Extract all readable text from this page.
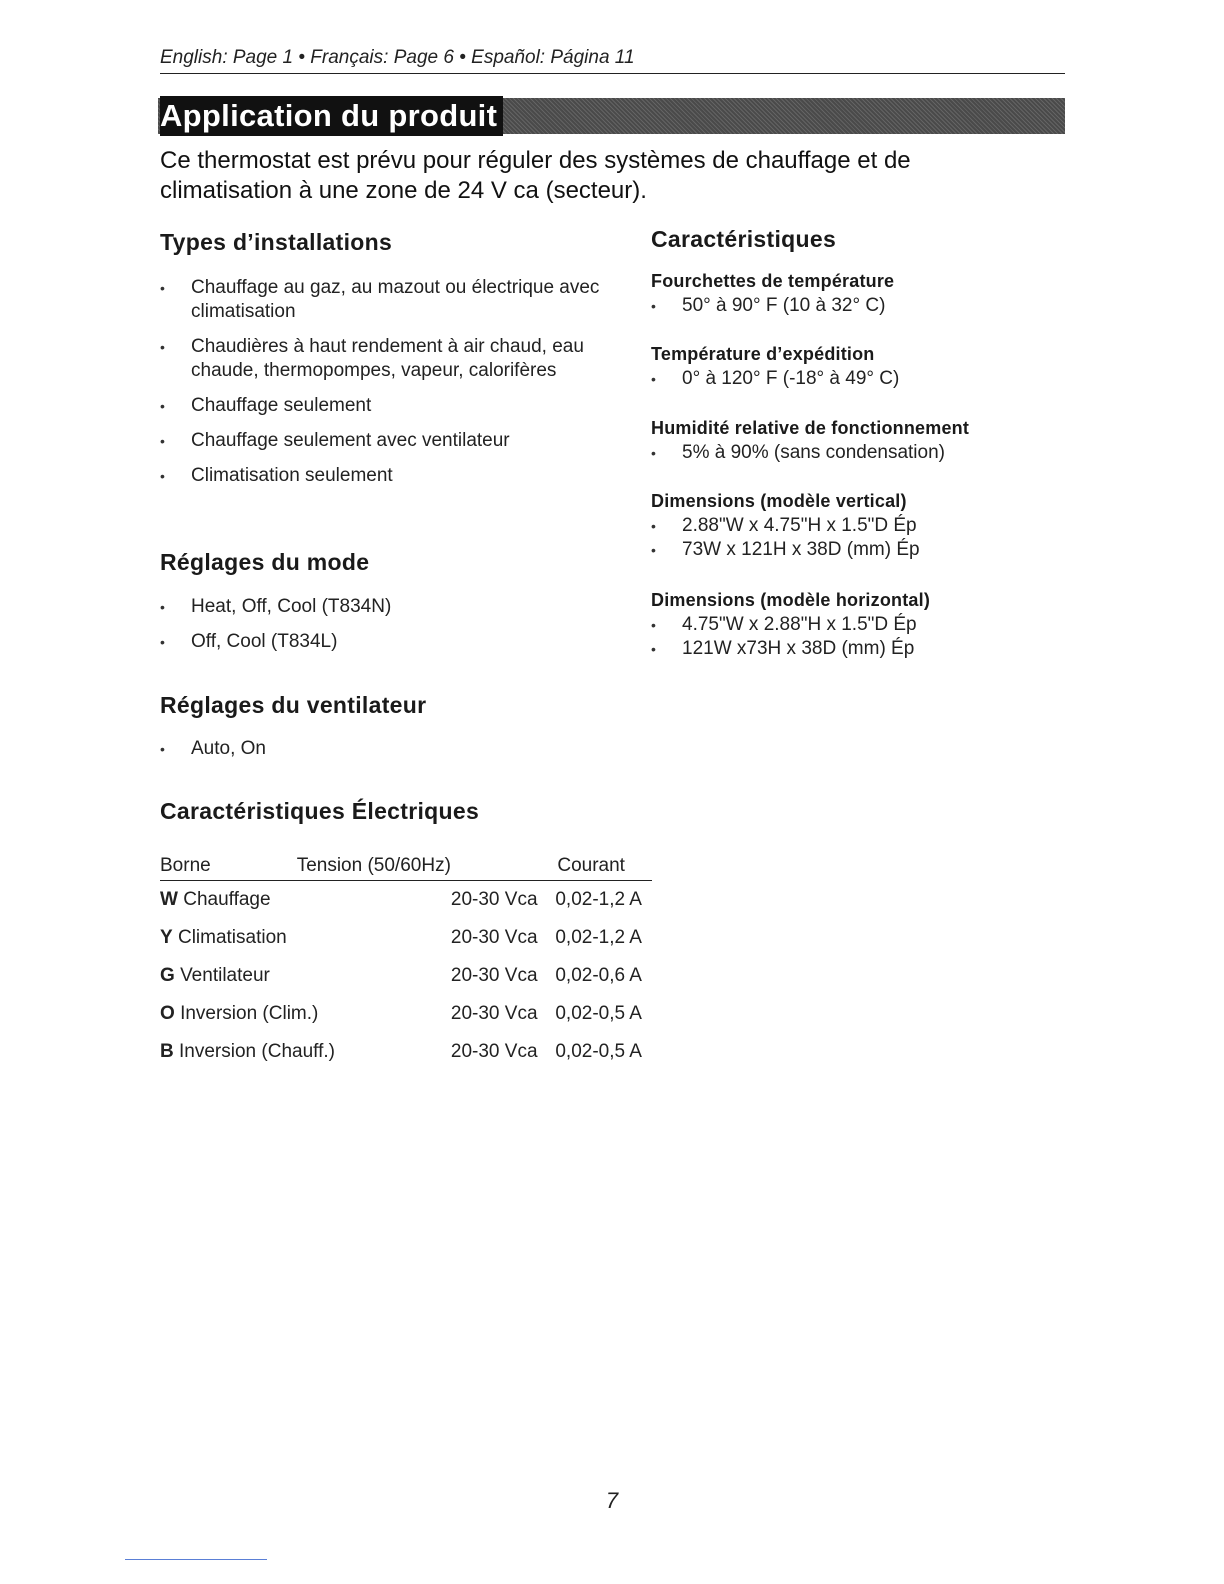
English: Page 1 • Français: Page 6 • Español: Página 11
Application du produit
Ce thermostat est prévu pour réguler des systèmes de chauffage et de climatisation à une zone de 24 V ca (secteur).
Types d’installations
• Chauffage au gaz, au mazout ou électrique avec climatisation
• Chaudières à haut rendement à air chaud, eau chaude, thermopompes, vapeur, calorifères
• Chauffage seulement
• Chauffage seulement avec ventilateur
• Climatisation seulement
Réglages du mode
• Heat, Off, Cool (T834N)
• Off, Cool (T834L)
Réglages du ventilateur
• Auto, On
Caractéristiques Électriques
Borne Tension (50/60Hz)		Courant
W Chauffage	20-30 Vca	0,02-1,2 A
Y Climatisation	20-30 Vca	0,02-1,2 A
G Ventilateur	20-30 Vca	0,02-0,6 A
O Inversion (Clim.)	20-30 Vca	0,02-0,5 A
B Inversion (Chauff.)	20-30 Vca	0,02-0,5 A
Caractéristiques
Fourchettes de température
• 50° à 90° F (10 à 32° C)
Température d’expédition
• 0° à 120° F (-18° à 49° C)
Humidité relative de fonctionnement
• 5% à 90% (sans condensation)
Dimensions (modèle vertical)
• 2.88"W x 4.75"H x 1.5"D Ép
• 73W x 121H x 38D (mm) Ép
Dimensions (modèle horizontal)
• 4.75"W x 2.88"H x 1.5"D Ép
• 121W x73H x 38D (mm) Ép
7
